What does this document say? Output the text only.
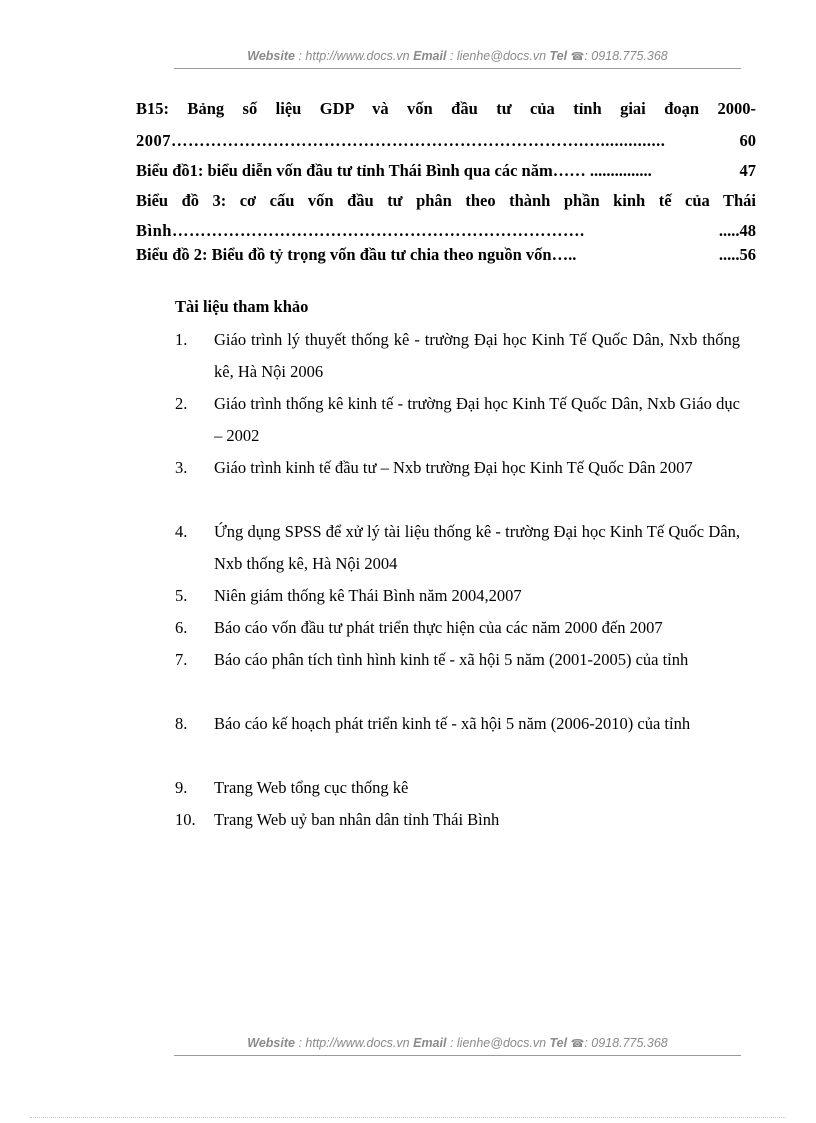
Website : http://www.docs.vn Email : lienhe@docs.vn Tel ☎: 0918.775.368
B15: Bảng số liệu GDP và vốn đầu tư của tỉnh giai đoạn 2000-
2007……………………………………………………………….…..............	60
Biểu đồ1: biểu diễn vốn đầu tư tỉnh Thái Bình qua các năm…… ...............	47
Biểu đồ 3: cơ cấu vốn đầu tư phân theo thành phần kinh tế của Thái
Bình……………………………………………………………….	.....48
Biểu đồ 2: Biểu đồ tỷ trọng vốn đầu tư chia theo nguồn vốn…..	.....56
Tài liệu tham khảo
1.	Giáo trình lý thuyết thống kê - trường Đại học Kinh Tế Quốc Dân, Nxb thống kê, Hà Nội 2006
2.	Giáo trình thống kê kinh tế - trường Đại học Kinh Tế Quốc Dân, Nxb Giáo dục – 2002
3.	Giáo trình kinh tế đầu tư – Nxb trường Đại học Kinh Tế Quốc Dân 2007
4.	Ứng dụng SPSS để xử lý tài liệu thống kê - trường Đại học Kinh Tế Quốc Dân, Nxb thống kê, Hà Nội 2004
5.	Niên giám thống kê Thái Bình năm 2004,2007
6.	Báo cáo vốn đầu tư phát triển thực hiện của các năm 2000 đến 2007
7.	Báo cáo phân tích tình hình kinh tế - xã hội 5 năm (2001-2005) của tỉnh
8.	Báo cáo kế hoạch phát triển kinh tế - xã hội 5 năm (2006-2010) của tỉnh
9.	Trang Web tổng cục thống kê
10.	Trang Web uỷ ban nhân dân tỉnh Thái Bình
Website : http://www.docs.vn Email : lienhe@docs.vn Tel ☎: 0918.775.368
